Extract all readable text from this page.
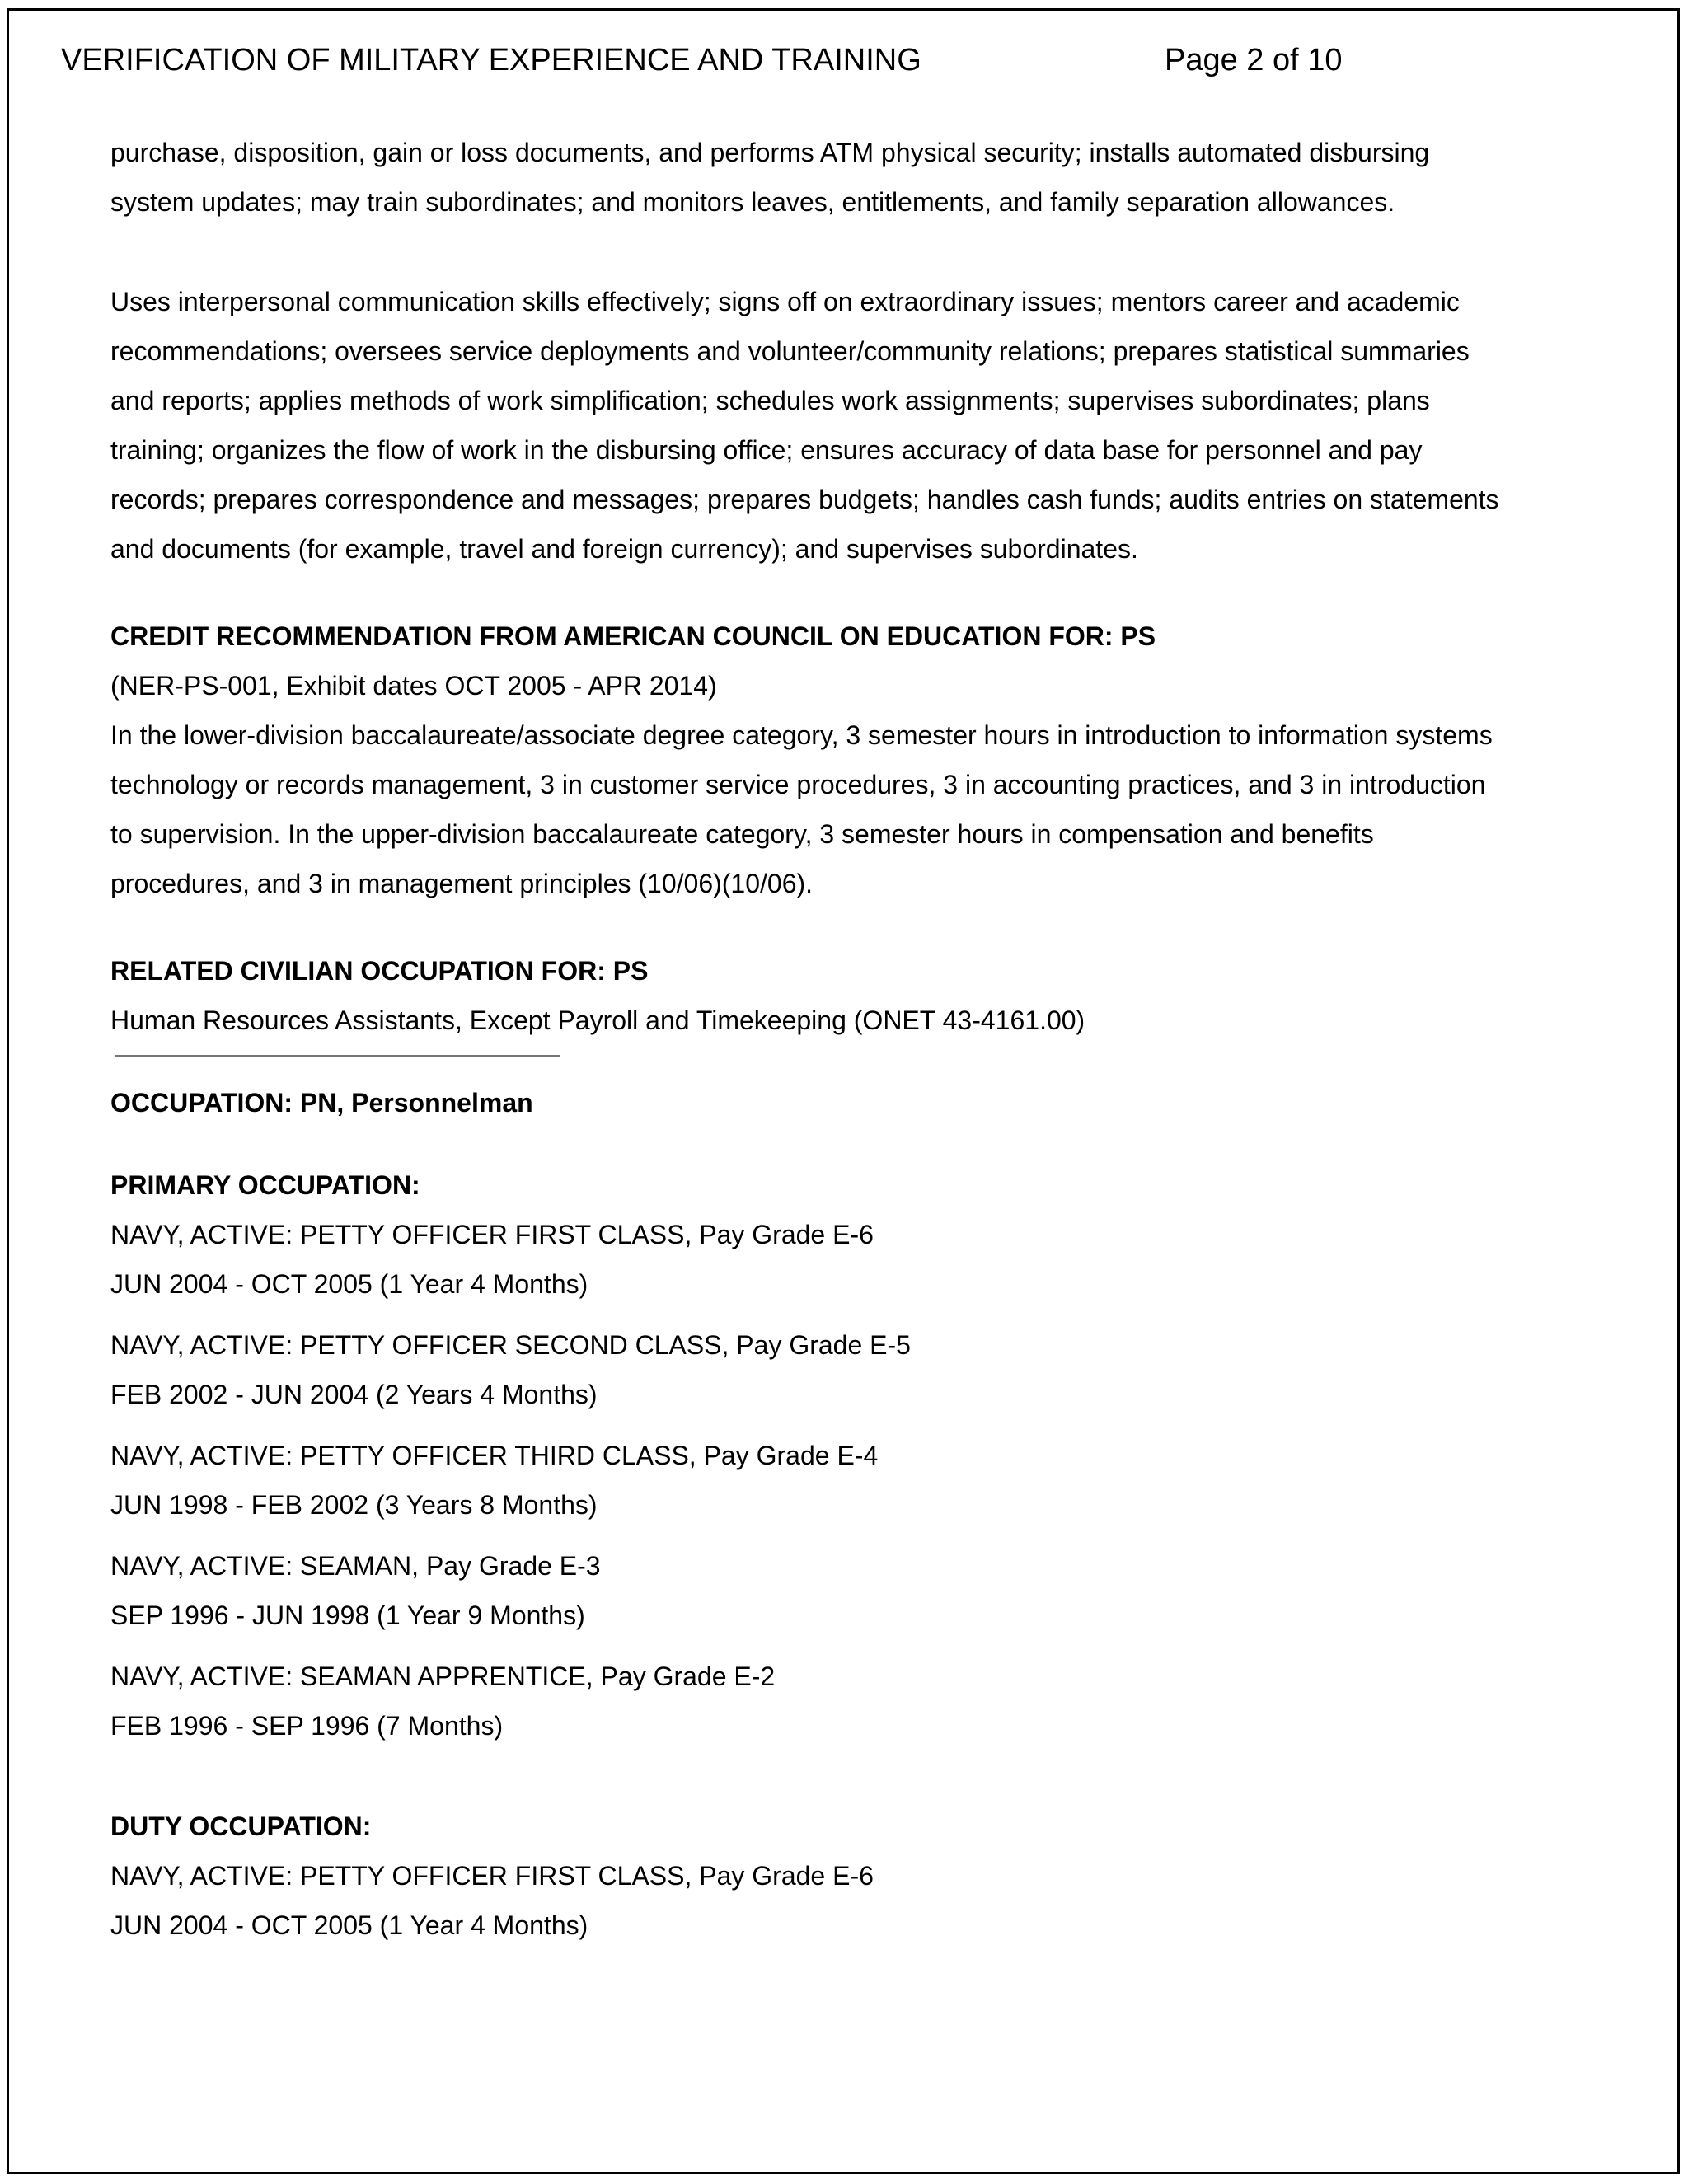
VERIFICATION OF MILITARY EXPERIENCE AND TRAINING	Page 2 of 10
purchase, disposition, gain or loss documents, and performs ATM physical security; installs automated disbursing
system updates; may train subordinates; and monitors leaves, entitlements, and family separation allowances.
Uses interpersonal communication skills effectively; signs off on extraordinary issues; mentors career and academic
recommendations; oversees service deployments and volunteer/community relations; prepares statistical summaries
and reports; applies methods of work simplification; schedules work assignments; supervises subordinates; plans
training; organizes the flow of work in the disbursing office; ensures accuracy of data base for personnel and pay
records; prepares correspondence and messages; prepares budgets; handles cash funds; audits entries on statements
and documents (for example, travel and foreign currency); and supervises subordinates.
CREDIT RECOMMENDATION FROM AMERICAN COUNCIL ON EDUCATION FOR: PS
(NER-PS-001, Exhibit dates OCT 2005 - APR 2014)
In the lower-division baccalaureate/associate degree category, 3 semester hours in introduction to information systems
technology or records management, 3 in customer service procedures, 3 in accounting practices, and 3 in introduction
to supervision. In the upper-division baccalaureate category, 3 semester hours in compensation and benefits
procedures, and 3 in management principles (10/06)(10/06).
RELATED CIVILIAN OCCUPATION FOR: PS
Human Resources Assistants, Except Payroll and Timekeeping (ONET 43-4161.00)
OCCUPATION: PN, Personnelman
PRIMARY OCCUPATION:
NAVY, ACTIVE: PETTY OFFICER FIRST CLASS, Pay Grade E-6
JUN 2004 - OCT 2005 (1 Year 4 Months)
NAVY, ACTIVE: PETTY OFFICER SECOND CLASS, Pay Grade E-5
FEB 2002 - JUN 2004 (2 Years 4 Months)
NAVY, ACTIVE: PETTY OFFICER THIRD CLASS, Pay Grade E-4
JUN 1998 - FEB 2002 (3 Years 8 Months)
NAVY, ACTIVE: SEAMAN, Pay Grade E-3
SEP 1996 - JUN 1998 (1 Year 9 Months)
NAVY, ACTIVE: SEAMAN APPRENTICE, Pay Grade E-2
FEB 1996 - SEP 1996 (7 Months)
DUTY OCCUPATION:
NAVY, ACTIVE: PETTY OFFICER FIRST CLASS, Pay Grade E-6
JUN 2004 - OCT 2005 (1 Year 4 Months)
